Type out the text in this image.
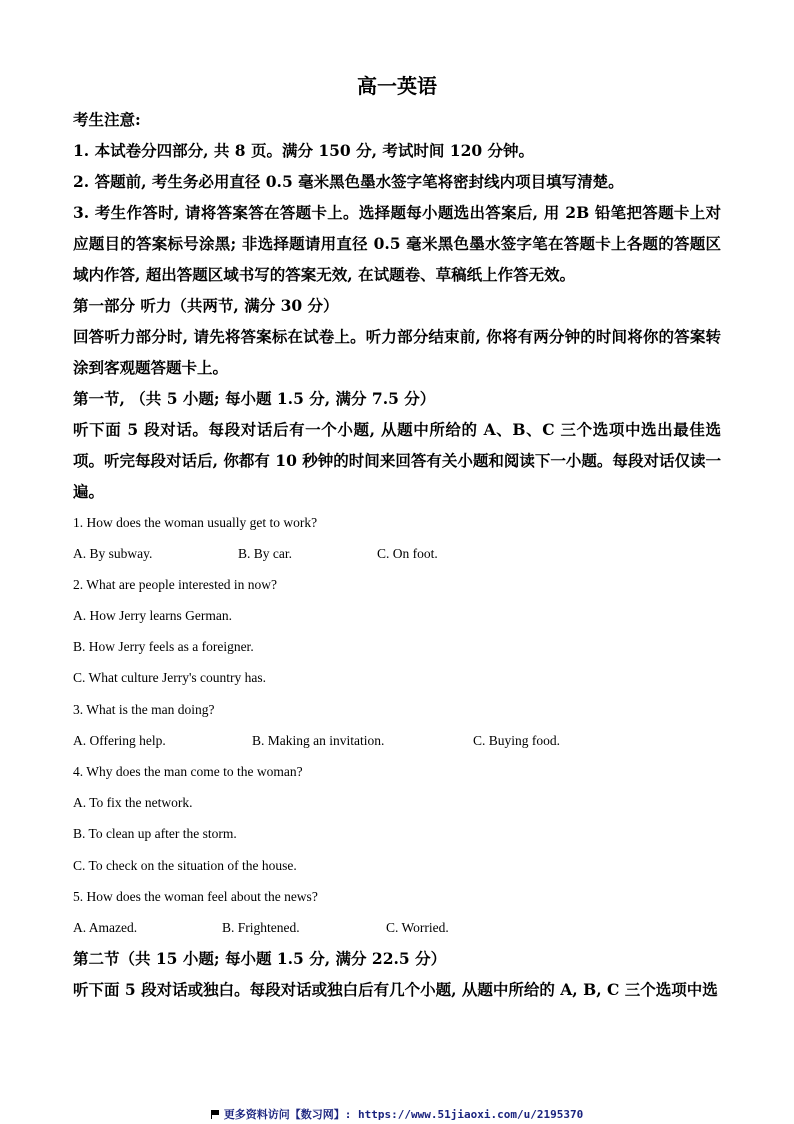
高一英语
考生注意:
1. 本试卷分四部分, 共 8 页。满分 150 分, 考试时间 120 分钟。
2. 答题前, 考生务必用直径 0.5 毫米黑色墨水签字笔将密封线内项目填写清楚。
3. 考生作答时, 请将答案答在答题卡上。选择题每小题选出答案后, 用 2B 铅笔把答题卡上对应题目的答案标号涂黑; 非选择题请用直径 0.5 毫米黑色墨水签字笔在答题卡上各题的答题区域内作答, 超出答题区域书写的答案无效, 在试题卷、草稿纸上作答无效。
第一部分 听力（共两节, 满分 30 分）
回答听力部分时, 请先将答案标在试卷上。听力部分结束前, 你将有两分钟的时间将你的答案转涂到客观题答题卡上。
第一节, （共 5 小题; 每小题 1.5 分, 满分 7.5 分）
听下面 5 段对话。每段对话后有一个小题, 从题中所给的 A、B、C 三个选项中选出最佳选项。听完每段对话后, 你都有 10 秒钟的时间来回答有关小题和阅读下一小题。每段对话仅读一遍。
1. How does the woman usually get to work?
A. By subway.	B. By car.	C. On foot.
2. What are people interested in now?
A. How Jerry learns German.
B. How Jerry feels as a foreigner.
C. What culture Jerry's country has.
3. What is the man doing?
A. Offering help.	B. Making an invitation.	C. Buying food.
4. Why does the man come to the woman?
A. To fix the network.
B. To clean up after the storm.
C. To check on the situation of the house.
5. How does the woman feel about the news?
A. Amazed.	B. Frightened.	C. Worried.
第二节（共 15 小题; 每小题 1.5 分, 满分 22.5 分）
听下面 5 段对话或独白。每段对话或独白后有几个小题, 从题中所给的 A, B, C 三个选项中选
更多资料访问【数习网】: https://www.51jiaoxi.com/u/2195370
